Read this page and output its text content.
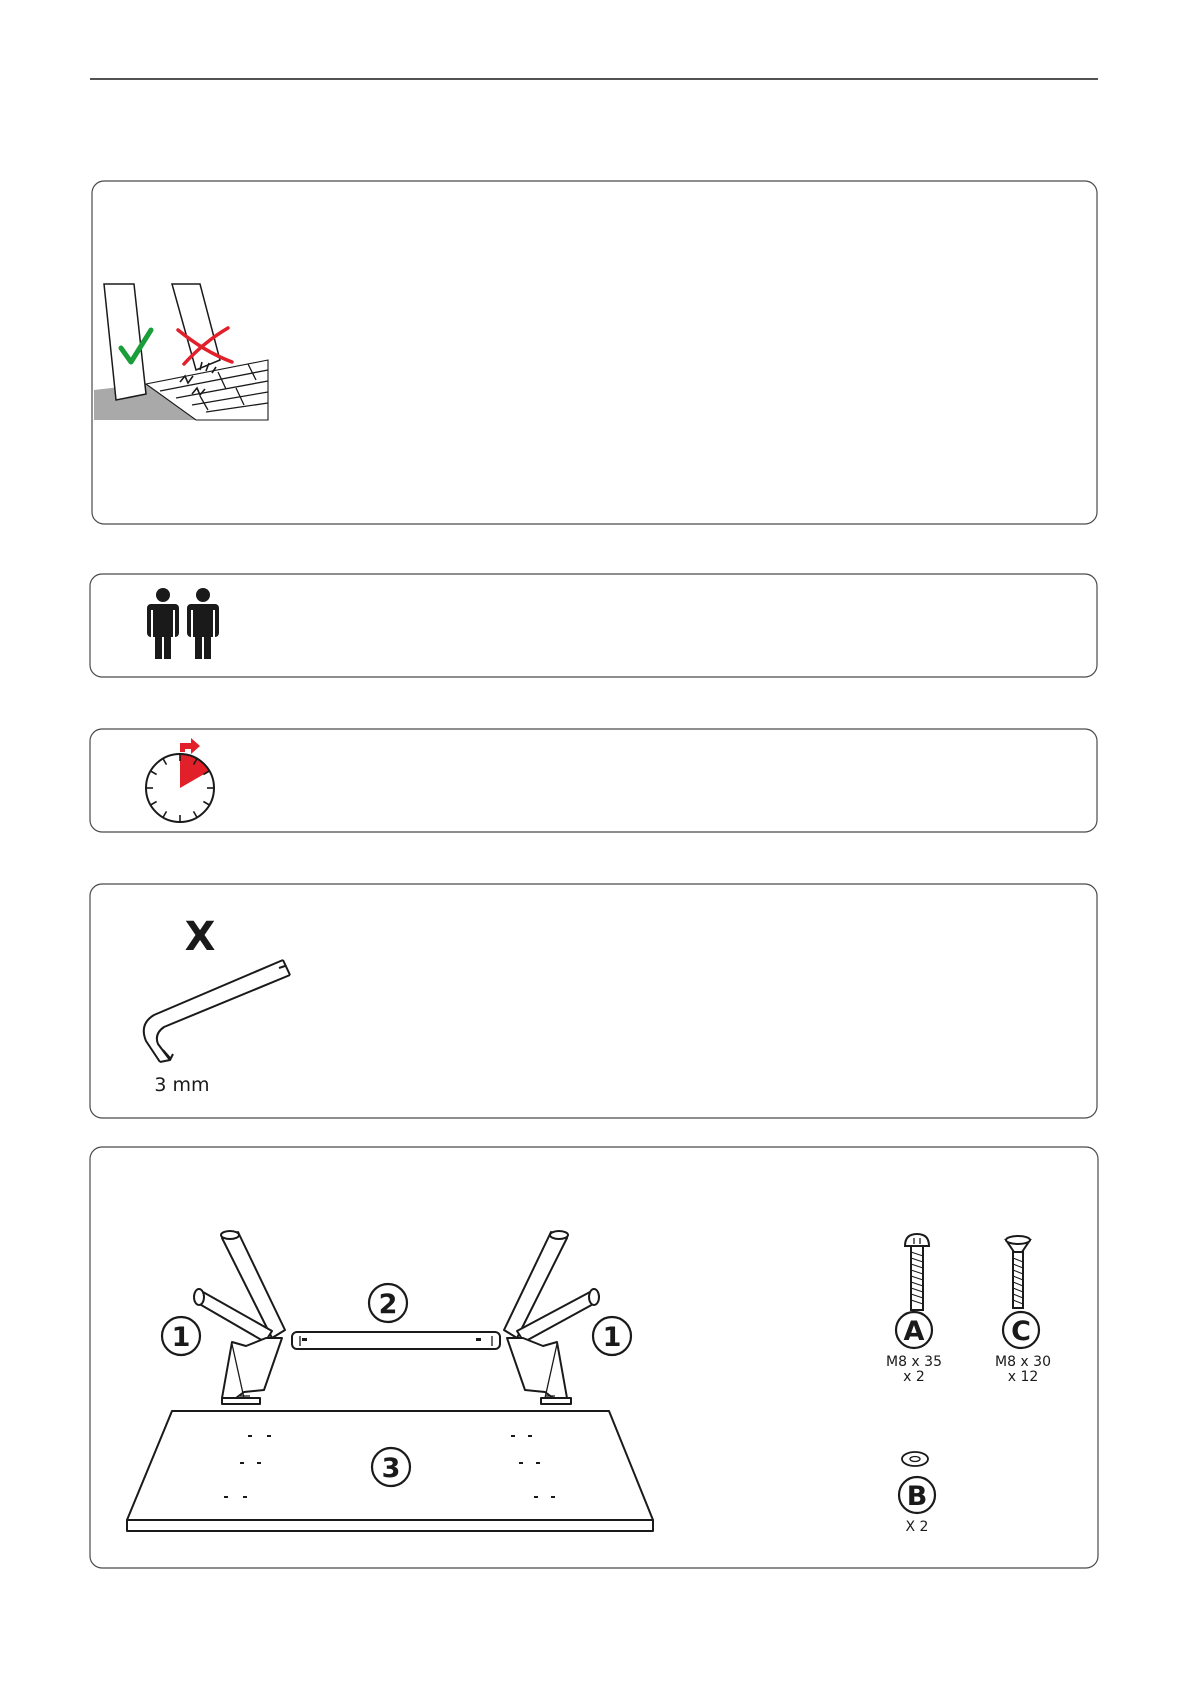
X
3 mm
1	1
2
3
A
M8 x 35
x 2
C
M8 x 30
x 12
B
X 2
